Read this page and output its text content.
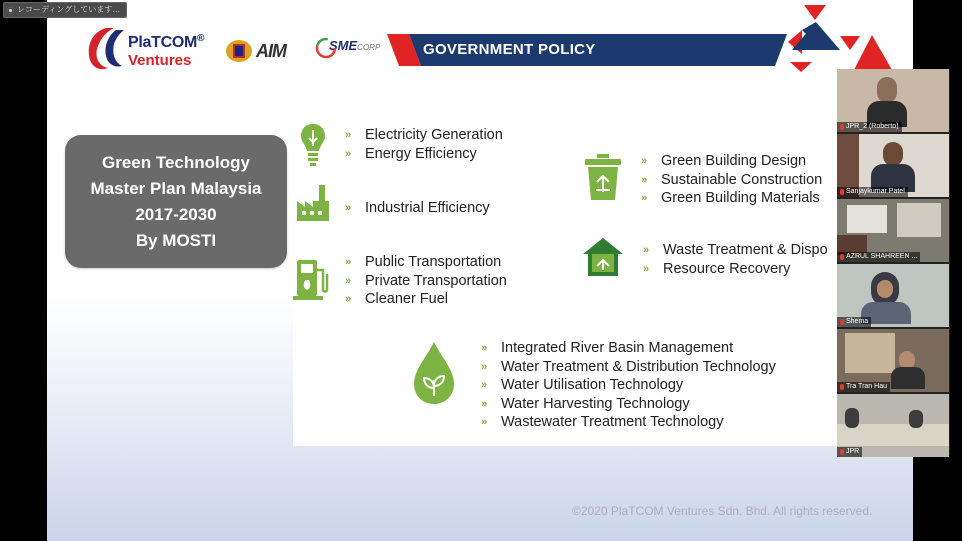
レコーディングしています…
PlaTCOM ®
Ventures	AIM	SMECORP	GOVERNMENT POLICY
Green Technology
Master Plan Malaysia
2017-2030
By MOSTI
» Electricity Generation
» Energy Efficiency
» Industrial Efficiency
» Public Transportation
» Private Transportation
» Cleaner Fuel
» Green Building Design
» Sustainable Construction
» Green Building Materials
» Waste Treatment & Dispo
» Resource Recovery
» Integrated River Basin Management
» Water Treatment & Distribution Technology
» Water Utilisation Technology
» Water Harvesting Technology
» Wastewater Treatment Technology
©2020 PlaTCOM Ventures Sdn. Bhd. All rights reserved.
JPR_2 (Roberto)
Sanjaykumar Patel
AZRUL SHAHREEN ...
Shema
Tra Tran Hau
JPR
